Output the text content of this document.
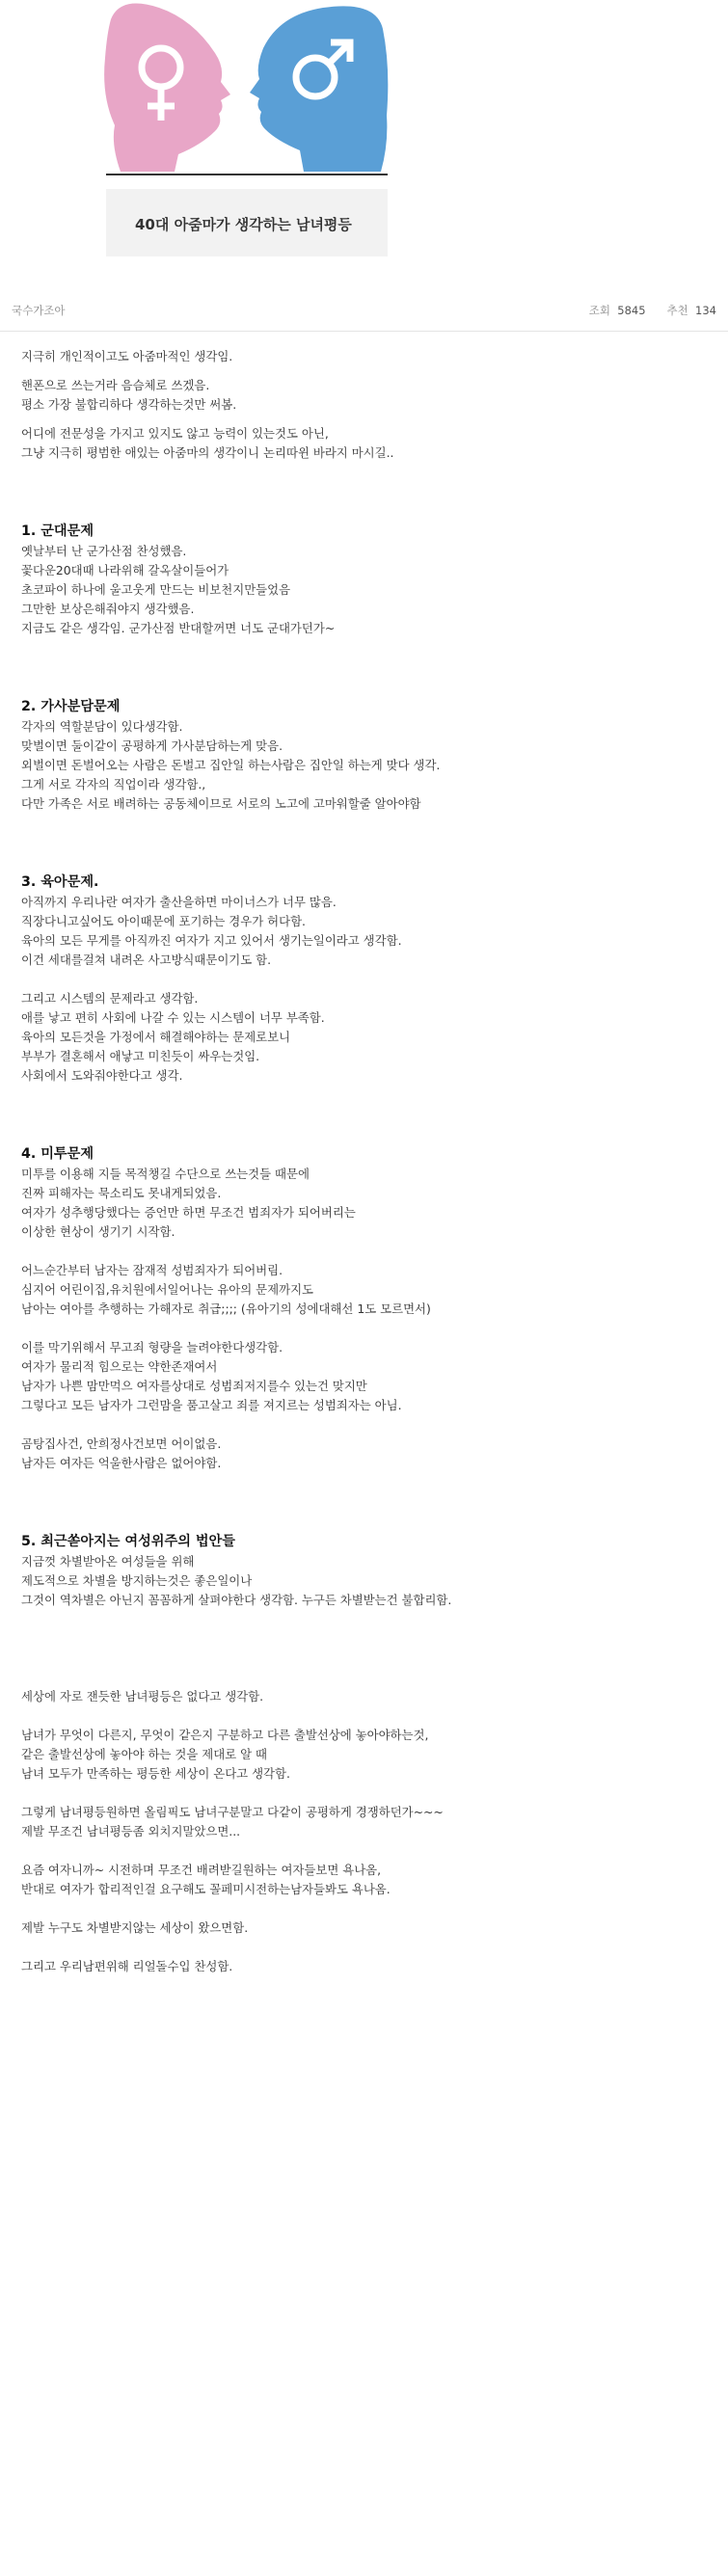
40대 아줌마가 생각하는 남녀평등
국수가조아	조회 5845 추천 134
지극히 개인적이고도 아줌마적인 생각임.
핸폰으로 쓰는거라 음슴체로 쓰겠음.
평소 가장 불합리하다 생각하는것만 써봄.
어디에 전문성을 가지고 있지도 않고 능력이 있는것도 아닌,
그냥 지극히 평범한 애있는 아줌마의 생각이니 논리따윈 바라지 마시길..
1. 군대문제
옛날부터 난 군가산점 찬성했음.
꽃다운20대때 나라위해 갈옥살이들어가
초코파이 하나에 울고웃게 만드는 비보천지만들었음
그만한 보상은해줘야지 생각했음.
지금도 같은 생각임. 군가산점 반대할꺼면 너도 군대가던가~
2. 가사분담문제
각자의 역할분담이 있다생각함.
맞벌이면 둘이같이 공평하게 가사분담하는게 맞음.
외벌이면 돈벌어오는 사람은 돈벌고 집안일 하는사람은 집안일 하는게 맞다 생각.
그게 서로 각자의 직업이라 생각함.,
다만 가족은 서로 배려하는 공동체이므로 서로의 노고에 고마워할줄 알아야함
3. 육아문제.
아직까지 우리나란 여자가 출산을하면 마이너스가 너무 많음.
직장다니고싶어도 아이때문에 포기하는 경우가 허다함.
육아의 모든 무게를 아직까진 여자가 지고 있어서 생기는일이라고 생각함.
이건 세대를걸쳐 내려온 사고방식때문이기도 함.
그리고 시스템의 문제라고 생각함.
애를 낳고 편히 사회에 나갈 수 있는 시스템이 너무 부족함.
육아의 모든것을 가정에서 해결해야하는 문제로보니
부부가 결혼해서 애낳고 미친듯이 싸우는것임.
사회에서 도와줘야한다고 생각.
4. 미투문제
미투를 이용해 지들 목적챙길 수단으로 쓰는것들 때문에
진짜 피해자는 묵소리도 못내게되었음.
여자가 성추행당했다는 증언만 하면 무조건 범죄자가 되어버리는
이상한 현상이 생기기 시작함.
어느순간부터 남자는 잠재적 성범죄자가 되어버림.
심지어 어린이집,유치원에서일어나는 유아의 문제까지도
남아는 여아를 추행하는 가해자로 취급;;;; (유아기의 성에대해선 1도 모르면서)
이를 막기위해서 무고죄 형량을 늘려야한다생각함.
여자가 물리적 힘으로는 약한존재여서
남자가 나쁜 맘만먹으 여자를상대로 성범죄저지를수 있는건 맞지만
그렇다고 모든 남자가 그런맘을 품고살고 죄를 져지르는 성범죄자는 아님.
곰탕집사건, 안희정사건보면 어이없음.
남자든 여자든 억울한사람은 없어야함.
5. 최근쏟아지는 여성위주의 법안들
지금껏 차별받아온 여성들을 위해
제도적으로 차별을 방지하는것은 좋은일이나
그것이 역차별은 아닌지 꼼꼼하게 살펴야한다 생각함. 누구든 차별받는건 불합리함.
세상에 자로 잰듯한 남녀평등은 없다고 생각함.
남녀가 무엇이 다른지, 무엇이 같은지 구분하고 다른 출발선상에 놓아야하는것,
같은 출발선상에 놓아야 하는 것을 제대로 알 때
남녀 모두가 만족하는 평등한 세상이 온다고 생각함.
그렇게 남녀평등원하면 올림픽도 남녀구분말고 다같이 공평하게 경쟁하던가~~~
제발 무조건 남녀평등좀 외치지말았으면...
요즘 여자니까~ 시전하며 무조건 배려받길원하는 여자들보면 욕나옴,
반대로 여자가 합리적인걸 요구해도 꼴페미시전하는남자들봐도 욕나옴.
제발 누구도 차별받지않는 세상이 왔으면함.
그리고 우리남편위해 리얼돌수입 찬성함.
